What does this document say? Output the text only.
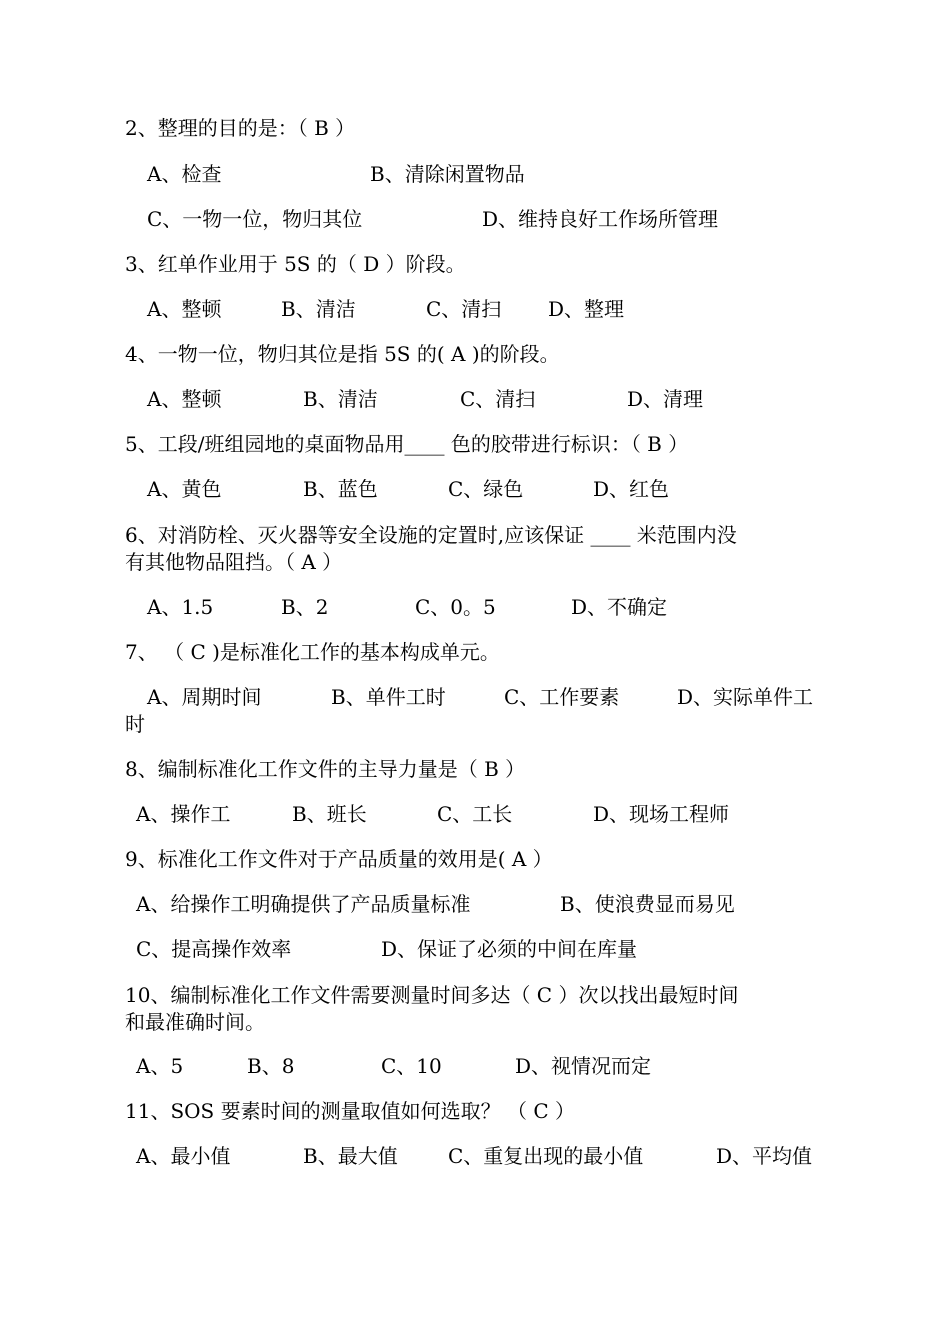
2、整理的目的是：（ B ）
A、检查	B、清除闲置物品
C、一物一位，物归其位	D、维持良好工作场所管理
3、红单作业用于 5S 的（ D ）阶段。
A、整顿	B、清洁	C、清扫 D、整理
4、一物一位，物归其位是指 5S 的( A )的阶段。
A、整顿	B、清洁	C、清扫	D、清理
5、工段/班组园地的桌面物品用____ 色的胶带进行标识：（ B ）
A、黄色	B、蓝色	C、绿色	D、红色
6、对消防栓、灭火器等安全设施的定置时,应该保证 ____ 米范围内没
有其他物品阻挡。（ A ）
A、1.5	B、2	C、0。5	D、不确定
7、 （ C )是标准化工作的基本构成单元。
A、周期时间	B、单件工时	C、工作要素	D、实际单件工
时
8、编制标准化工作文件的主导力量是（ B ）
A、操作工	B、班长	C、工长	D、现场工程师
9、标准化工作文件对于产品质量的效用是( A ）
A、给操作工明确提供了产品质量标准	B、使浪费显而易见
C、提高操作效率	D、保证了必须的中间在库量
10、编制标准化工作文件需要测量时间多达（ C ）次以找出最短时间
和最准确时间。
A、5	B、8	C、10	D、视情况而定
11、SOS 要素时间的测量取值如何选取？ （ C ）
A、最小值	B、最大值	C、重复出现的最小值	D、平均值
